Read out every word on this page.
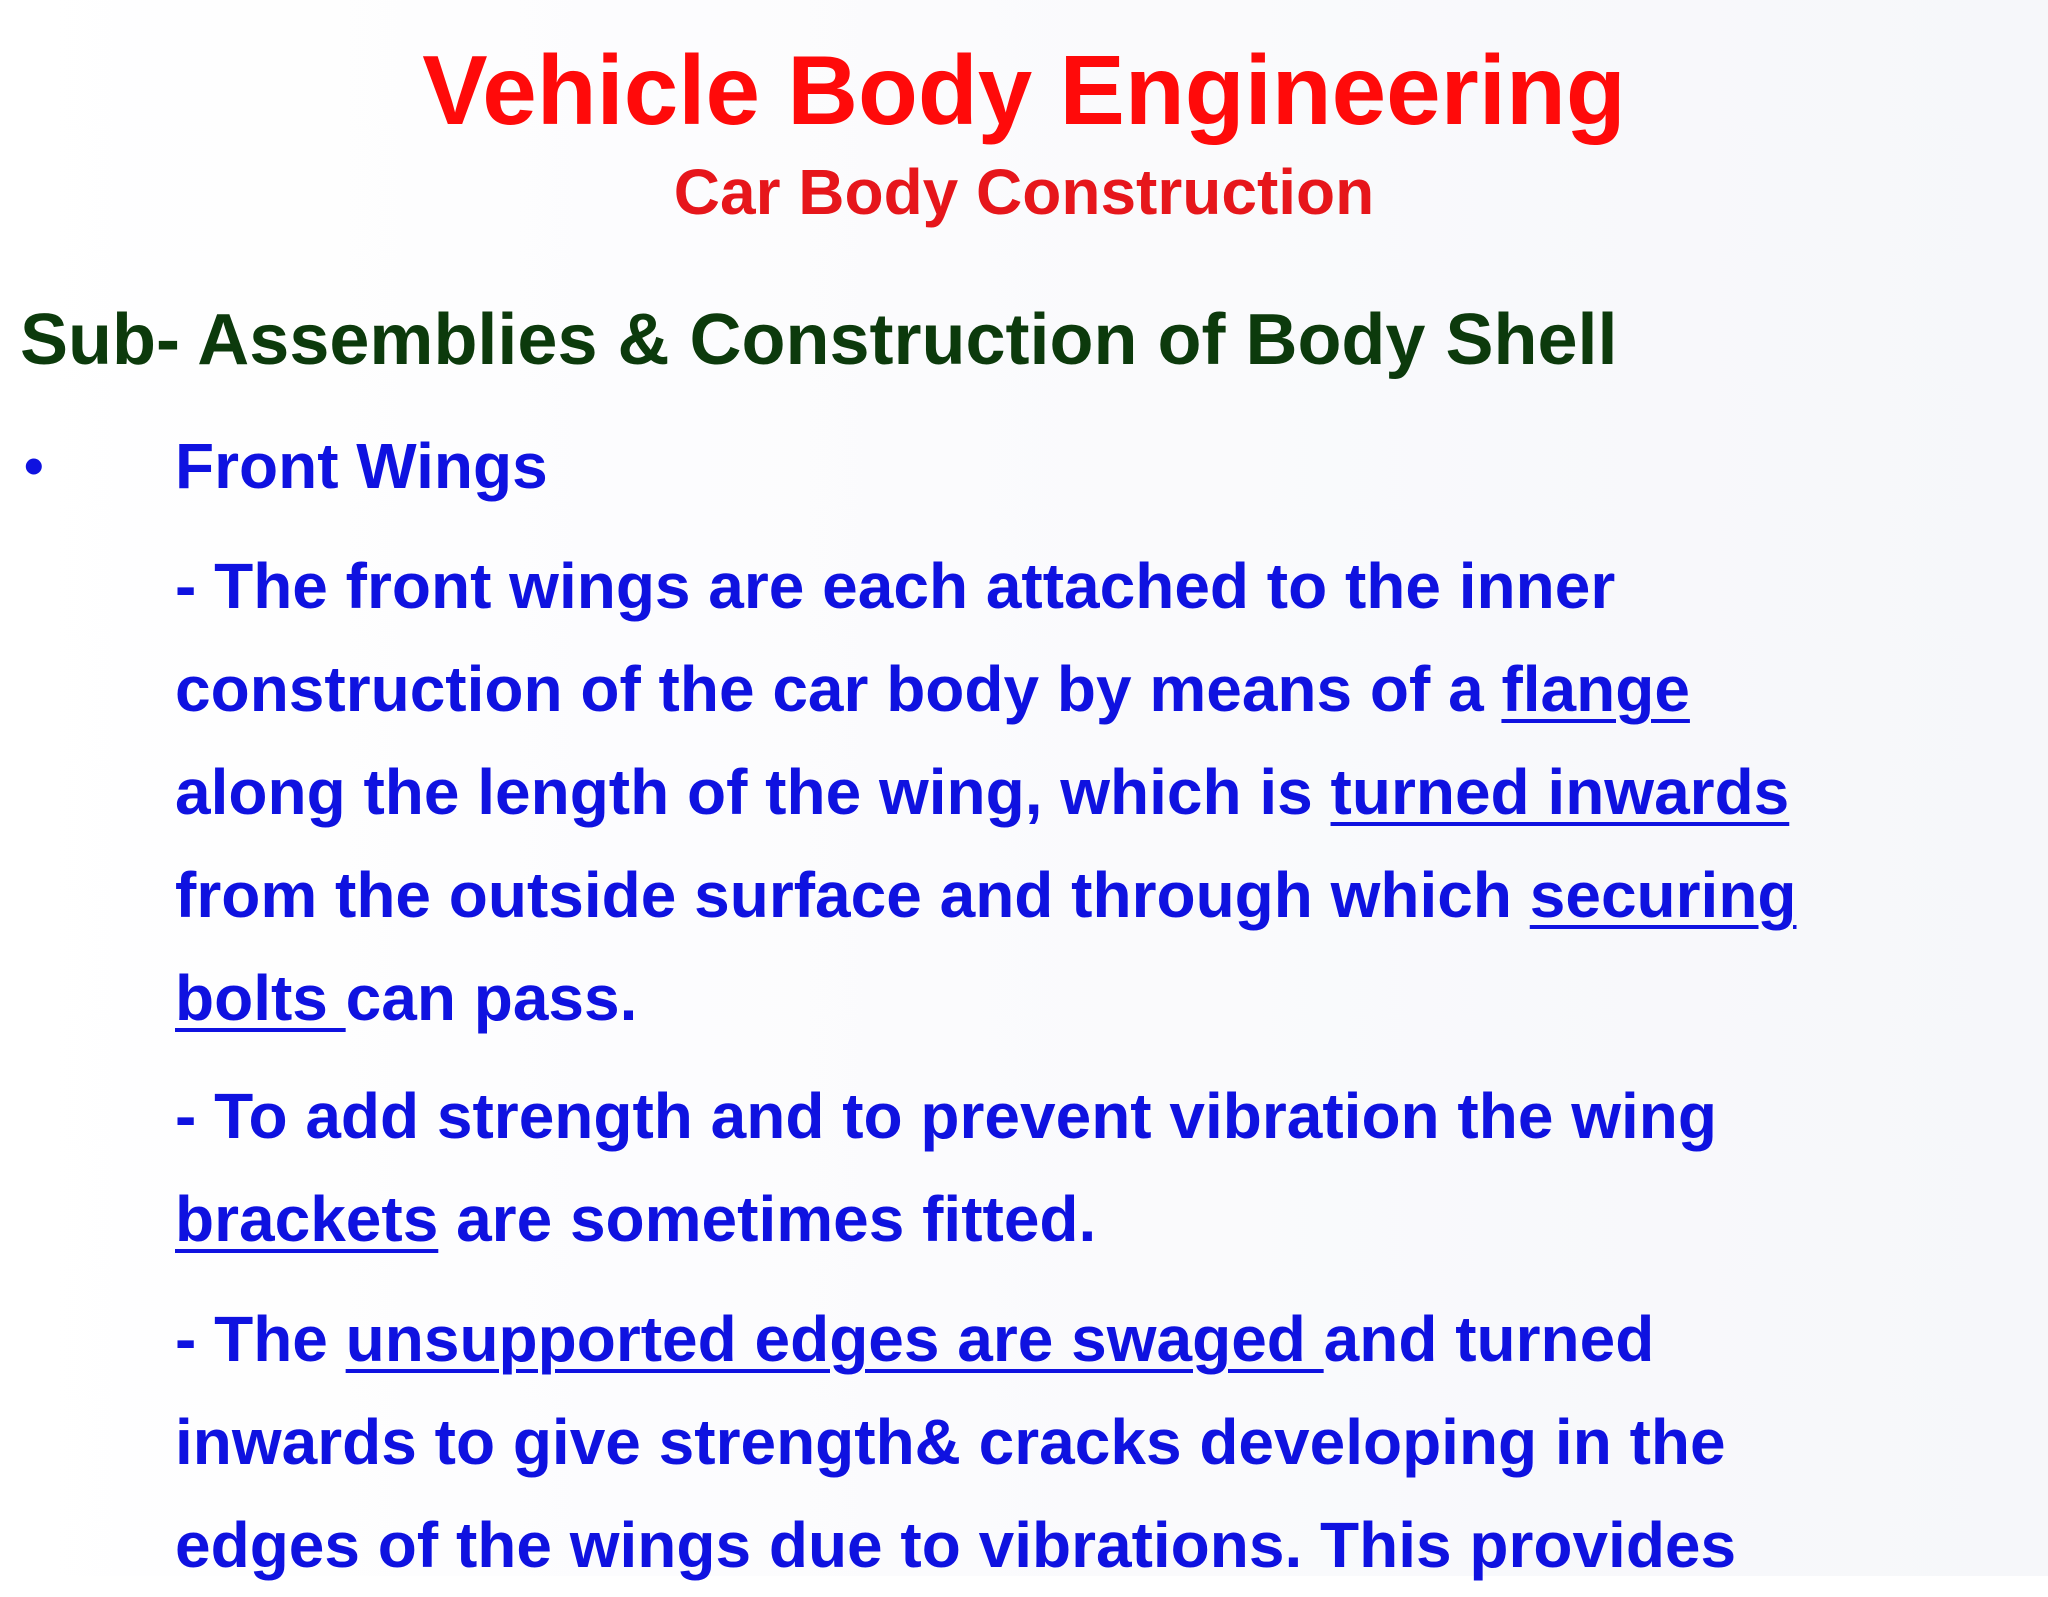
Vehicle Body Engineering
Car Body Construction
Sub- Assemblies & Construction of Body Shell
• Front Wings

- The front wings are each attached to the inner
construction of the car body by means of a flange
along the length of the wing, which is turned inwards
from the outside surface and through which securing
bolts can pass.

- To add strength and to prevent vibration the wing
brackets are sometimes fitted.

- The unsupported edges are swaged and turned
inwards to give strength& cracks developing in the
edges of the wings due to vibrations. This provides
